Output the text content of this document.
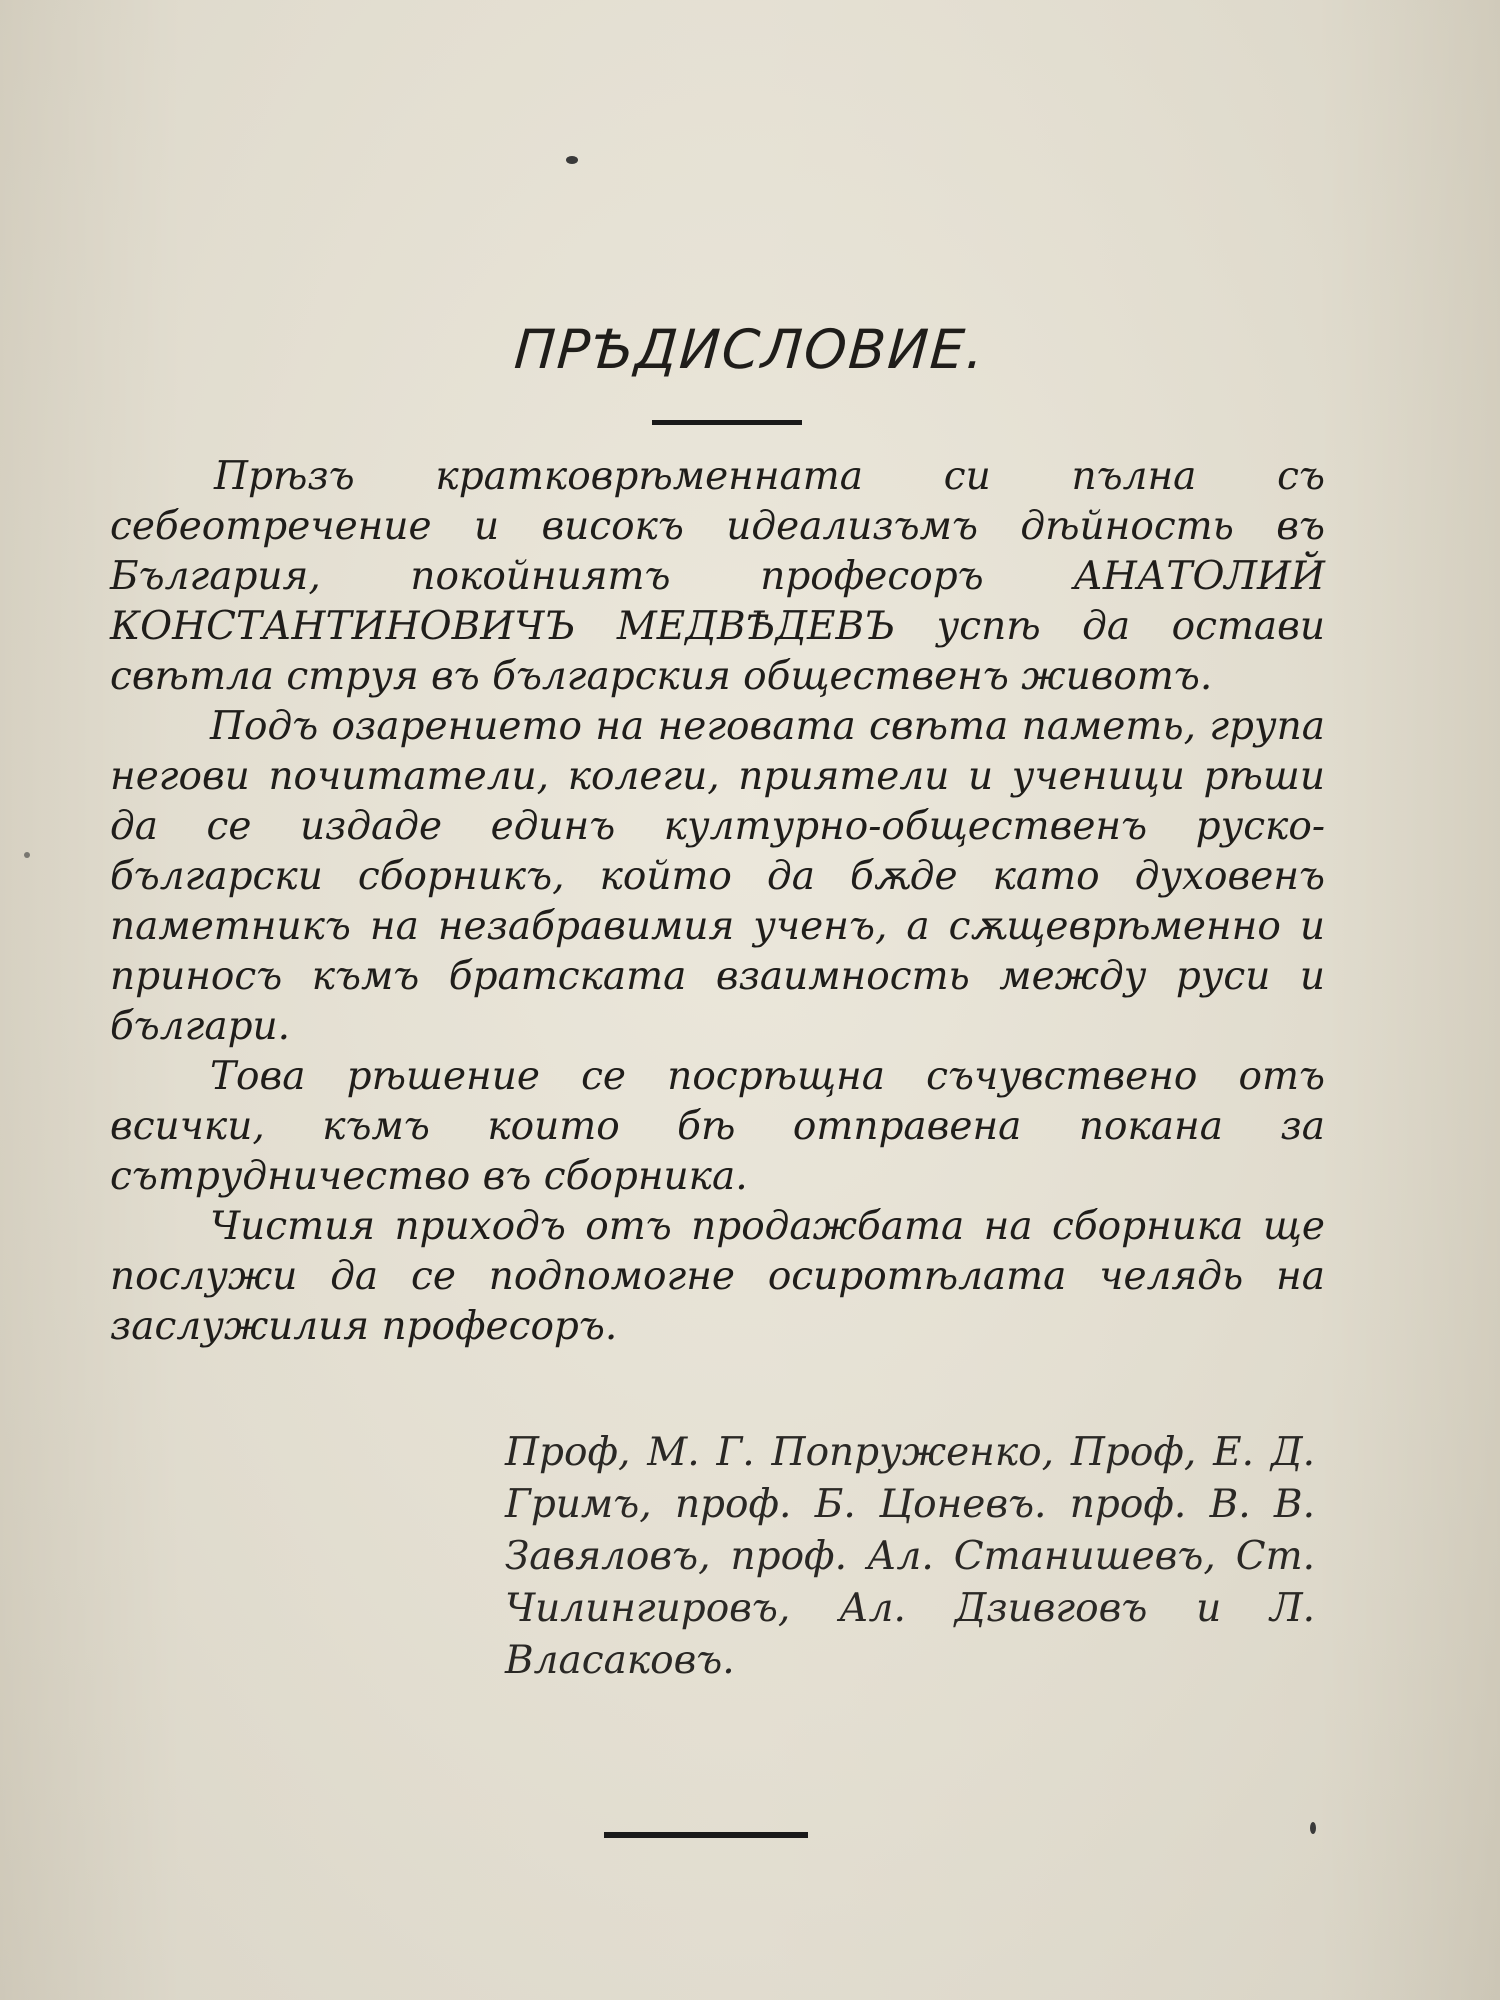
ПРѢДИСЛОВИЕ.

Прѣзъ кратковрѣменната си пълна съ себеотречение и високъ идеализъмъ дѣйность въ България, покойниятъ професоръ АНАТОЛИЙ КОНСТАНТИНОВИЧЪ МЕДВѢДЕВЪ успѣ да остави свѣтла струя въ българския общественъ животъ.

Подъ озарението на неговата свѣта паметь, група негови почитатели, колеги, приятели и ученици рѣши да се издаде единъ културно-общественъ руско-български сборникъ, който да бѫде като духовенъ паметникъ на незабравимия ученъ, а сѫщеврѣменно и приносъ къмъ братската взаимность между руси и българи.

Това рѣшение се посрѣщна съчувствено отъ всички, къмъ които бѣ отправена покана за сътрудничество въ сборника.

Чистия приходъ отъ продажбата на сборника ще послужи да се подпомогне осиротѣлата челядь на заслужилия професоръ.

Проф, М. Г. Попруженко, Проф, Е. Д. Гримъ, проф. Б. Цоневъ. проф. В. В. Завяловъ, проф. Ал. Станишевъ, Ст. Чилингировъ, Ал. Дзивговъ и Л. Власаковъ.
